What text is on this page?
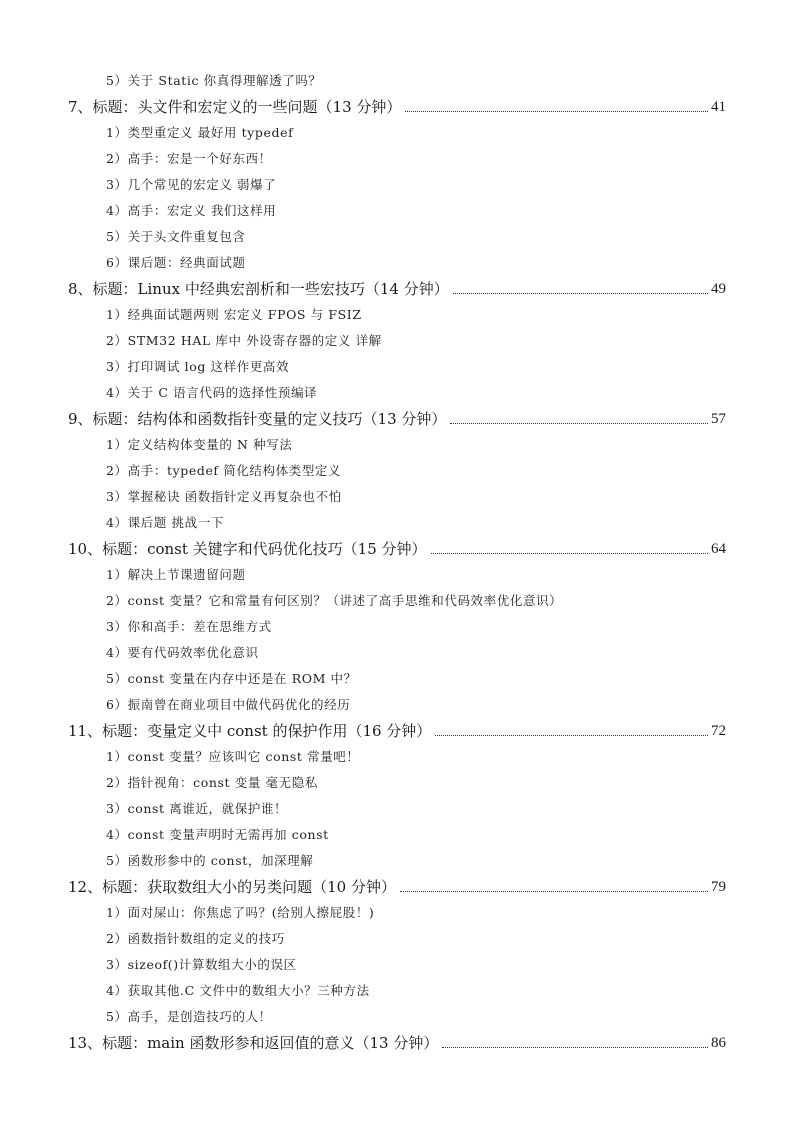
5）关于 Static 你真得理解透了吗？
7、标题：头文件和宏定义的一些问题（13 分钟）	41
1）类型重定义 最好用 typedef
2）高手：宏是一个好东西！
3）几个常见的宏定义 弱爆了
4）高手：宏定义 我们这样用
5）关于头文件重复包含
6）课后题：经典面试题
8、标题：Linux 中经典宏剖析和一些宏技巧（14 分钟）	49
1）经典面试题两则 宏定义 FPOS 与 FSIZ
2）STM32 HAL 库中 外设寄存器的定义 详解
3）打印调试 log 这样作更高效
4）关于 C 语言代码的选择性预编译
9、标题：结构体和函数指针变量的定义技巧（13 分钟）	57
1）定义结构体变量的 N 种写法
2）高手：typedef 简化结构体类型定义
3）掌握秘诀 函数指针定义再复杂也不怕
4）课后题 挑战一下
10、标题：const 关键字和代码优化技巧（15 分钟）	64
1）解决上节课遗留问题
2）const 变量？它和常量有何区别？（讲述了高手思维和代码效率优化意识）
3）你和高手：差在思维方式
4）要有代码效率优化意识
5）const 变量在内存中还是在 ROM 中？
6）振南曾在商业项目中做代码优化的经历
11、标题：变量定义中 const 的保护作用（16 分钟）	72
1）const 变量？应该叫它 const 常量吧！
2）指针视角：const 变量 毫无隐私
3）const 离谁近，就保护谁！
4）const 变量声明时无需再加 const
5）函数形参中的 const，加深理解
12、标题：获取数组大小的另类问题（10 分钟）	79
1）面对屎山：你焦虑了吗？(给别人擦屁股！)
2）函数指针数组的定义的技巧
3）sizeof()计算数组大小的误区
4）获取其他.C 文件中的数组大小？三种方法
5）高手，是创造技巧的人！
13、标题：main 函数形参和返回值的意义（13 分钟）	86
